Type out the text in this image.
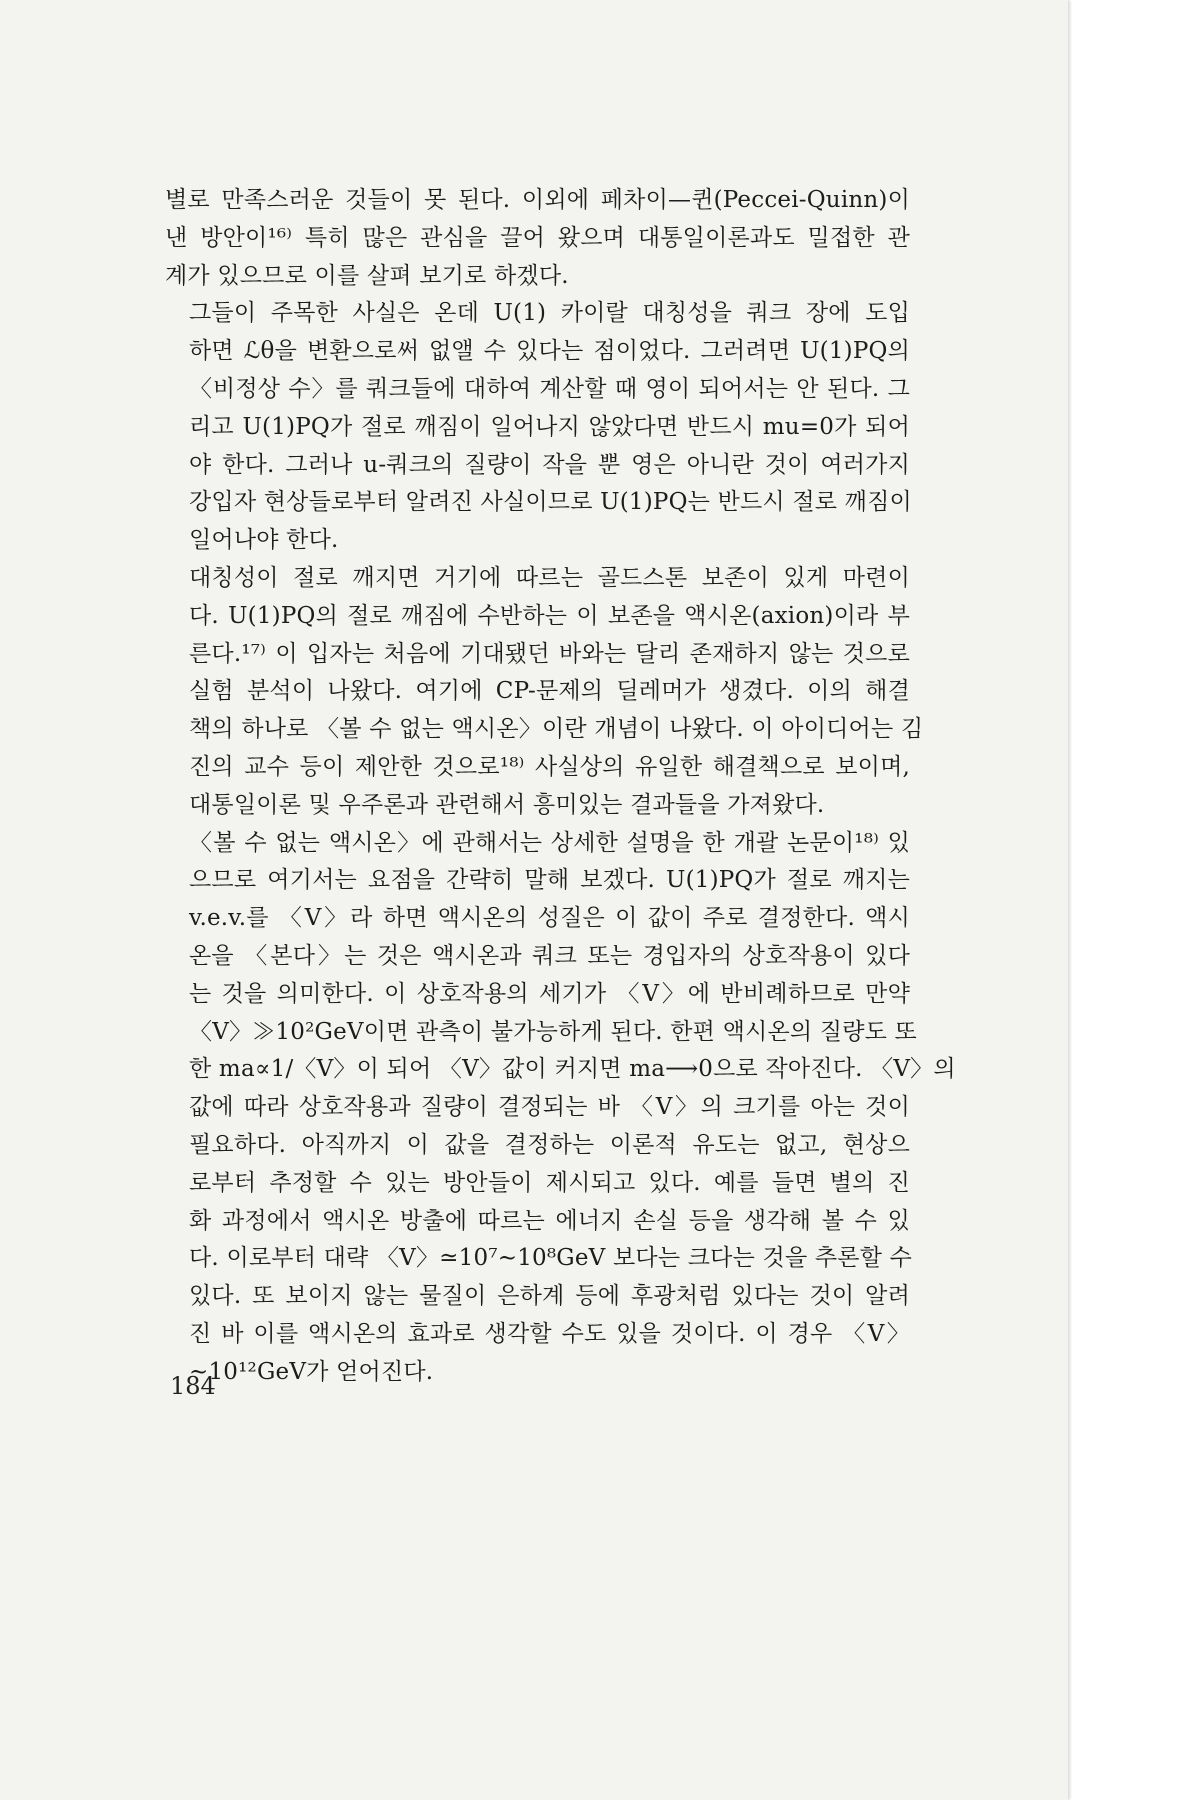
별로 만족스러운 것들이 못 된다. 이외에 페차이—퀸(Peccei-Quinn)이
낸 방안이¹⁶⁾ 특히 많은 관심을 끌어 왔으며 대통일이론과도 밀접한 관
계가 있으므로 이를 살펴 보기로 하겠다.

그들이 주목한 사실은 온데 U(1) 카이랄 대칭성을 쿼크 장에 도입
하면 ℒθ을 변환으로써 없앨 수 있다는 점이었다. 그러려면 U(1)PQ의
〈비정상 수〉를 쿼크들에 대하여 계산할 때 영이 되어서는 안 된다. 그
리고 U(1)PQ가 절로 깨짐이 일어나지 않았다면 반드시 mu=0가 되어
야 한다. 그러나 u-쿼크의 질량이 작을 뿐 영은 아니란 것이 여러가지
강입자 현상들로부터 알려진 사실이므로 U(1)PQ는 반드시 절로 깨짐이
일어나야 한다.

대칭성이 절로 깨지면 거기에 따르는 골드스톤 보존이 있게 마련이
다. U(1)PQ의 절로 깨짐에 수반하는 이 보존을 액시온(axion)이라 부
른다.¹⁷⁾ 이 입자는 처음에 기대됐던 바와는 달리 존재하지 않는 것으로
실험 분석이 나왔다. 여기에 CP-문제의 딜레머가 생겼다. 이의 해결
책의 하나로 〈볼 수 없는 액시온〉이란 개념이 나왔다. 이 아이디어는 김
진의 교수 등이 제안한 것으로¹⁸⁾ 사실상의 유일한 해결책으로 보이며,
대통일이론 및 우주론과 관련해서 흥미있는 결과들을 가져왔다.

〈볼 수 없는 액시온〉에 관해서는 상세한 설명을 한 개괄 논문이¹⁸⁾ 있
으므로 여기서는 요점을 간략히 말해 보겠다. U(1)PQ가 절로 깨지는
v.e.v.를 〈V〉라 하면 액시온의 성질은 이 값이 주로 결정한다. 액시
온을 〈본다〉는 것은 액시온과 쿼크 또는 경입자의 상호작용이 있다
는 것을 의미한다. 이 상호작용의 세기가 〈V〉에 반비례하므로 만약
〈V〉≫10²GeV이면 관측이 불가능하게 된다. 한편 액시온의 질량도 또
한 ma∝1/〈V〉이 되어 〈V〉값이 커지면 ma⟶0으로 작아진다. 〈V〉의
값에 따라 상호작용과 질량이 결정되는 바 〈V〉의 크기를 아는 것이
필요하다. 아직까지 이 값을 결정하는 이론적 유도는 없고, 현상으
로부터 추정할 수 있는 방안들이 제시되고 있다. 예를 들면 별의 진
화 과정에서 액시온 방출에 따르는 에너지 손실 등을 생각해 볼 수 있
다. 이로부터 대략 〈V〉≃10⁷∼10⁸GeV 보다는 크다는 것을 추론할 수
있다. 또 보이지 않는 물질이 은하계 등에 후광처럼 있다는 것이 알려
진 바 이를 액시온의 효과로 생각할 수도 있을 것이다. 이 경우 〈V〉
∼10¹²GeV가 얻어진다.

184
